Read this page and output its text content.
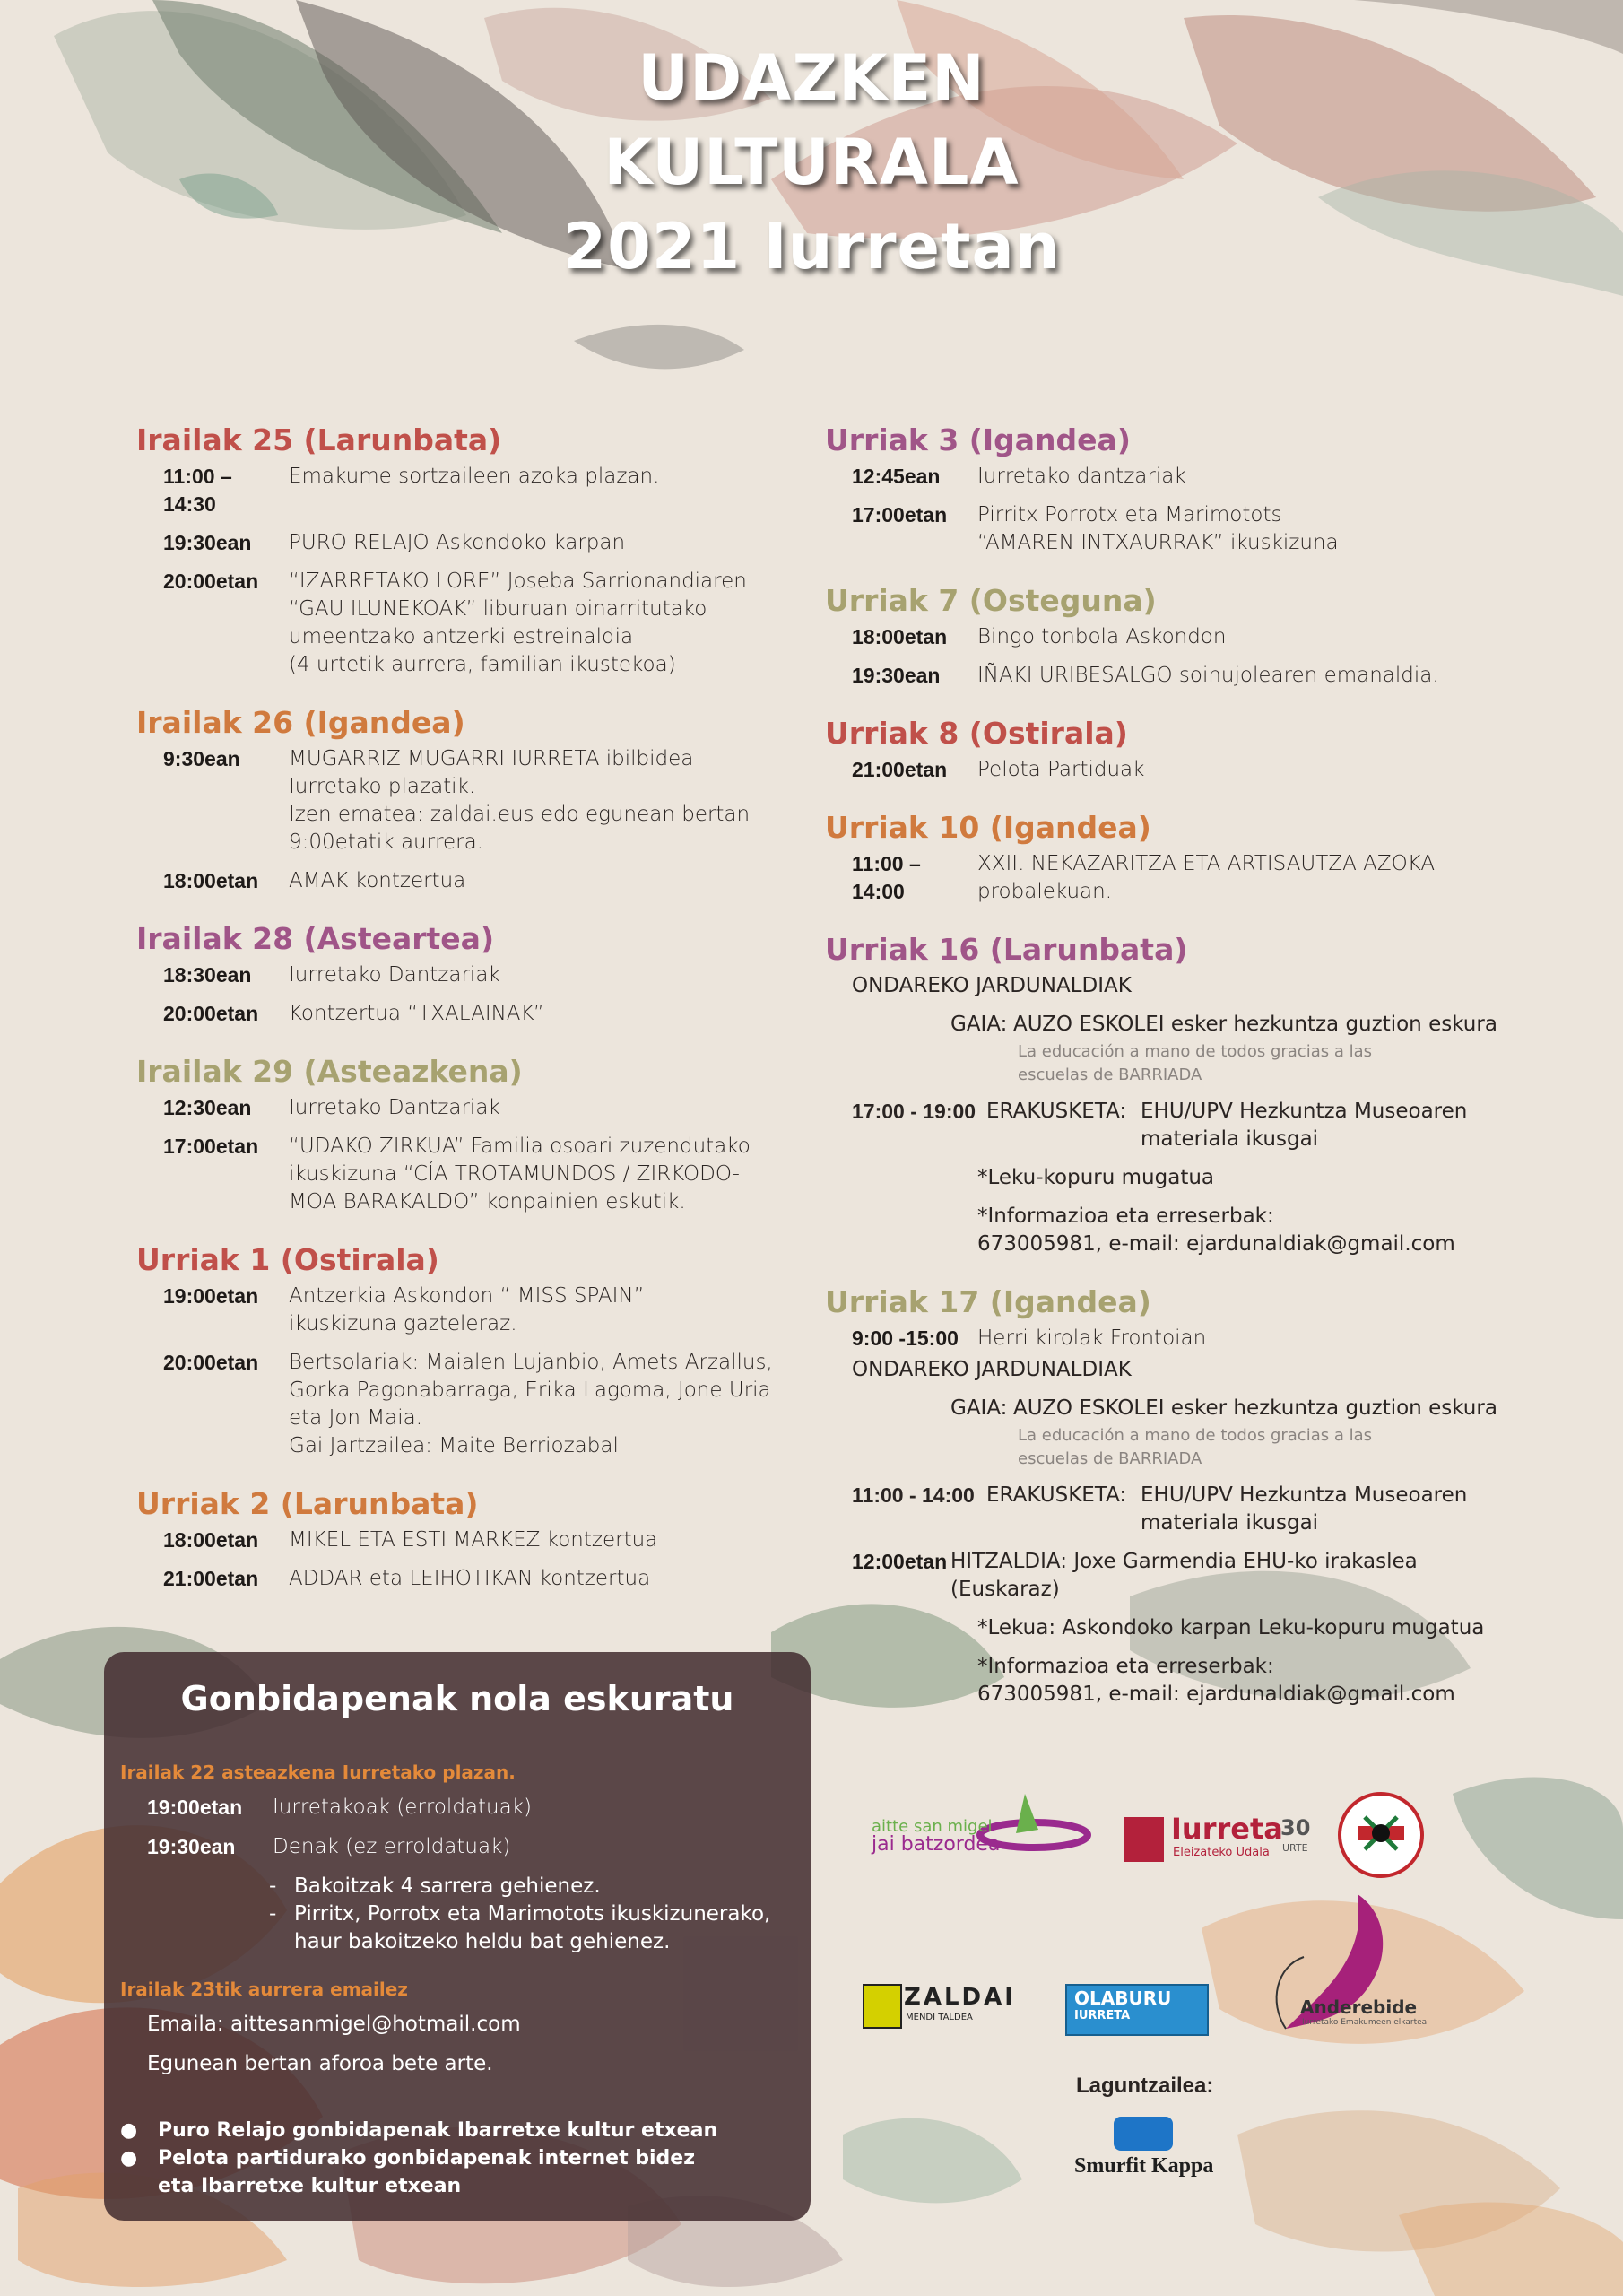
UDAZKEN
KULTURALA
2021 Iurretan
Irailak 25 (Larunbata)
11:00 – 14:30
Emakume sortzaileen azoka plazan.
19:30ean	PURO RELAJO Askondoko karpan
20:00etan	“IZARRETAKO LORE” Joseba Sarrionandiaren
“GAU ILUNEKOAK” liburuan oinarritutako
umeentzako antzerki estreinaldia
(4 urtetik aurrera, familian ikustekoa)
Irailak 26 (Igandea)
9:30ean	MUGARRIZ MUGARRI IURRETA ibilbidea
Iurretako plazatik.
Izen ematea: zaldai.eus edo egunean bertan
9:00etatik aurrera.
18:00etan	AMAK kontzertua
Irailak 28 (Asteartea)
18:30ean	Iurretako Dantzariak
20:00etan	Kontzertua “TXALAINAK”
Irailak 29 (Asteazkena)
12:30ean	Iurretako Dantzariak
17:00etan	“UDAKO ZIRKUA” Familia osoari zuzendutako
ikuskizuna “CÍA TROTAMUNDOS / ZIRKODO-
MOA BARAKALDO” konpainien eskutik.
Urriak 1 (Ostirala)
19:00etan	Antzerkia Askondon “ MISS SPAIN”
ikuskizuna gazteleraz.
20:00etan	Bertsolariak: Maialen Lujanbio, Amets Arzallus,
Gorka Pagonabarraga, Erika Lagoma, Jone Uria
eta Jon Maia.
Gai Jartzailea: Maite Berriozabal
Urriak 2 (Larunbata)
18:00etan	MIKEL ETA ESTI MARKEZ kontzertua
21:00etan	ADDAR eta LEIHOTIKAN kontzertua
Urriak 3 (Igandea)
12:45ean	Iurretako dantzariak
17:00etan	Pirritx Porrotx eta Marimotots
“AMAREN INTXAURRAK” ikuskizuna
Urriak 7 (Osteguna)
18:00etan	Bingo tonbola Askondon
19:30ean	IÑAKI URIBESALGO soinujolearen emanaldia.
Urriak 8 (Ostirala)
21:00etan	Pelota Partiduak
Urriak 10 (Igandea)
11:00 – 14:00
XXII. NEKAZARITZA ETA ARTISAUTZA AZOKA
probalekuan.
Urriak 16 (Larunbata)
ONDAREKO JARDUNALDIAK
GAIA: AUZO ESKOLEI esker hezkuntza guztion eskura
La educación a mano de todos gracias a las escuelas de BARRIADA
17:00 - 19:00 ERAKUSKETA: EHU/UPV Hezkuntza Museoaren
materiala ikusgai
*Leku-kopuru mugatua
*Informazioa eta erreserbak:
673005981, e-mail: ejardunaldiak@gmail.com
Urriak 17 (Igandea)
9:00 -15:00 Herri kirolak Frontoian
ONDAREKO JARDUNALDIAK
GAIA: AUZO ESKOLEI esker hezkuntza guztion eskura
La educación a mano de todos gracias a las escuelas de BARRIADA
11:00 - 14:00 ERAKUSKETA: EHU/UPV Hezkuntza Museoaren
materiala ikusgai
12:00etan HITZALDIA: Joxe Garmendia EHU-ko irakaslea
(Euskaraz)
*Lekua: Askondoko karpan Leku-kopuru mugatua
*Informazioa eta erreserbak:
673005981, e-mail: ejardunaldiak@gmail.com
Gonbidapenak nola eskuratu
Irailak 22 asteazkena Iurretako plazan.
19:00etan	Iurretakoak (erroldatuak)
19:30ean	Denak (ez erroldatuak)
- Bakoitzak 4 sarrera gehienez.
- Pirritx, Porrotx eta Marimotots ikuskizunerako, haur bakoitzeko heldu bat gehienez.
Irailak 23tik aurrera emailez
Emaila: aittesanmigel@hotmail.com
Egunean bertan aforoa bete arte.
●	Puro Relajo gonbidapenak Ibarretxe kultur etxean
●	Pelota partidurako gonbidapenak internet bidez
eta Ibarretxe kultur etxean
aitte san migel
jai batzordea	Iurreta
Eleizateko Udala
30
URTE
Anderebide
Iurretako Emakumeen elkartea
ZALDAI
MENDI TALDEA
OLABURU
IURRETA
Laguntzailea:
Smurfit Kappa
